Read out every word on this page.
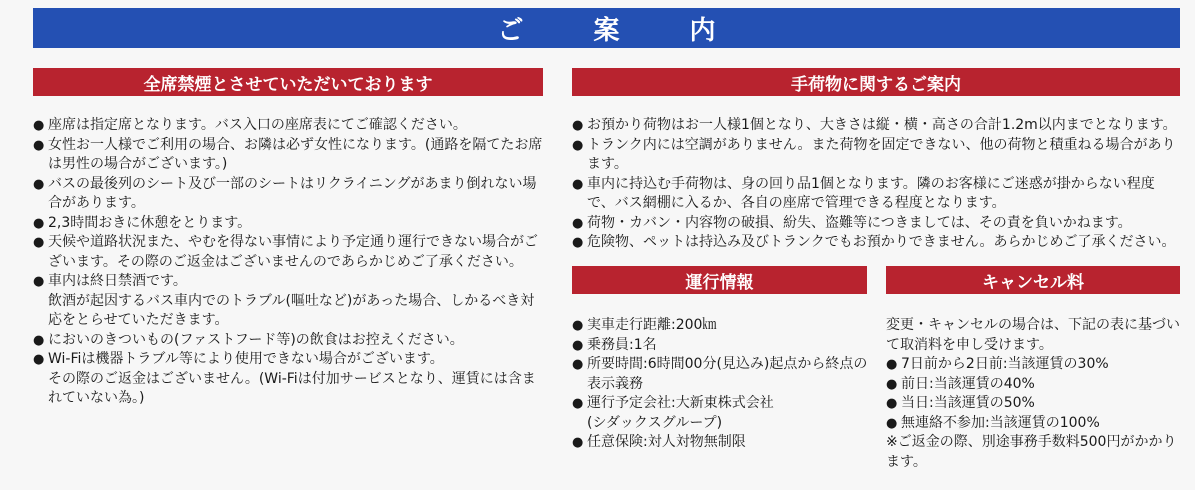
ご案内
全席禁煙とさせていただいております
● 座席は指定席となります。バス入口の座席表にてご確認ください。
● 女性お一人様でご利用の場合、お隣は必ず女性になります。(通路を隔てたお席は男性の場合がございます。)
● バスの最後列のシート及び一部のシートはリクライニングがあまり倒れない場合があります。
● 2,3時間おきに休憩をとります。
● 天候や道路状況また、やむを得ない事情により予定通り運行できない場合がございます。その際のご返金はございませんのであらかじめご了承ください。
● 車内は終日禁酒です。
飲酒が起因するバス車内でのトラブル(嘔吐など)があった場合、しかるべき対応をとらせていただきます。
● においのきついもの(ファストフード等)の飲食はお控えください。
● Wi-Fiは機器トラブル等により使用できない場合がございます。
その際のご返金はございません。(Wi-Fiは付加サービスとなり、運賃には含まれていない為。)
手荷物に関するご案内
● お預かり荷物はお一人様1個となり、大きさは縦・横・高さの合計1.2m以内までとなります。
● トランク内には空調がありません。また荷物を固定できない、他の荷物と積重ねる場合があります。
● 車内に持込む手荷物は、身の回り品1個となります。隣のお客様にご迷惑が掛からない程度で、バス網棚に入るか、各自の座席で管理できる程度となります。
● 荷物・カバン・内容物の破損、紛失、盗難等につきましては、その責を負いかねます。
● 危険物、ペットは持込み及びトランクでもお預かりできません。あらかじめご了承ください。
運行情報
● 実車走行距離:200㎞
● 乗務員:1名
● 所要時間:6時間00分(見込み)起点から終点の表示義務
● 運行予定会社:大新東株式会社
(シダックスグループ)
● 任意保険:対人対物無制限
キャンセル料

変更・キャンセルの場合は、下記の表に基づいて取消料を申し受けます。

● 7日前から2日前:当該運賃の30%
● 前日:当該運賃の40%
● 当日:当該運賃の50%
● 無連絡不参加:当該運賃の100%

※ご返金の際、別途事務手数料500円がかかります。
